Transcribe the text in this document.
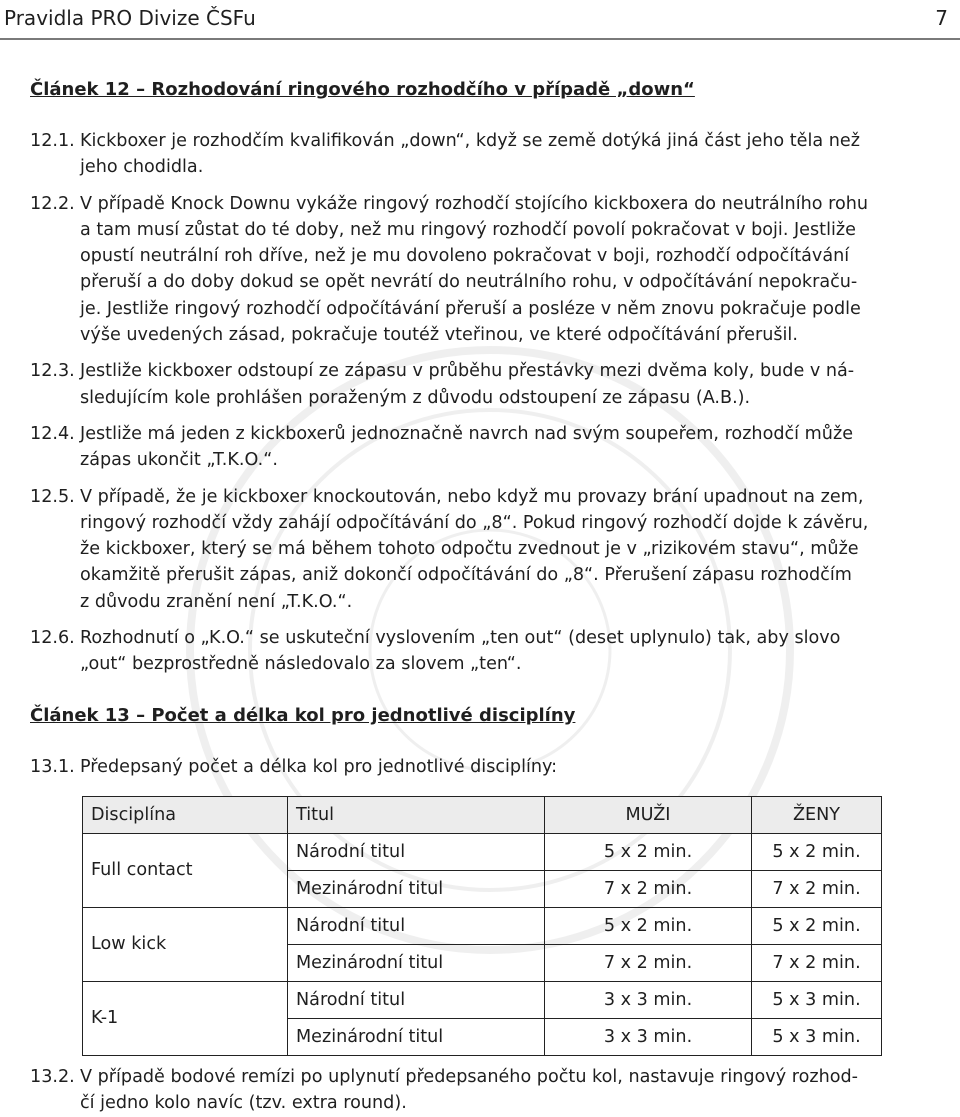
Pravidla PRO Divize ČSFu	7
Článek 12 – Rozhodování ringového rozhodčího v případě „down“
12.1. Kickboxer je rozhodčím kvalifikován „down“, když se země dotýká jiná část jeho těla než
jeho chodidla.
12.2. V případě Knock Downu vykáže ringový rozhodčí stojícího kickboxera do neutrálního rohu
a tam musí zůstat do té doby, než mu ringový rozhodčí povolí pokračovat v boji. Jestliže
opustí neutrální roh dříve, než je mu dovoleno pokračovat v boji, rozhodčí odpočítávání
přeruší a do doby dokud se opět nevrátí do neutrálního rohu, v odpočítávání nepokraču-
je. Jestliže ringový rozhodčí odpočítávání přeruší a posléze v něm znovu pokračuje podle
výše uvedených zásad, pokračuje toutéž vteřinou, ve které odpočítávání přerušil.
12.3. Jestliže kickboxer odstoupí ze zápasu v průběhu přestávky mezi dvěma koly, bude v ná-
sledujícím kole prohlášen poraženým z důvodu odstoupení ze zápasu (A.B.).
12.4. Jestliže má jeden z kickboxerů jednoznačně navrch nad svým soupeřem, rozhodčí může
zápas ukončit „T.K.O.“.
12.5. V případě, že je kickboxer knockoutován, nebo když mu provazy brání upadnout na zem,
ringový rozhodčí vždy zahájí odpočítávání do „8“. Pokud ringový rozhodčí dojde k závěru,
že kickboxer, který se má během tohoto odpočtu zvednout je v „rizikovém stavu“, může
okamžitě přerušit zápas, aniž dokončí odpočítávání do „8“. Přerušení zápasu rozhodčím
z důvodu zranění není „T.K.O.“.
12.6. Rozhodnutí o „K.O.“ se uskuteční vyslovením „ten out“ (deset uplynulo) tak, aby slovo
„out“ bezprostředně následovalo za slovem „ten“.
Článek 13 – Počet a délka kol pro jednotlivé disciplíny
13.1. Předepsaný počet a délka kol pro jednotlivé disciplíny:
Disciplína	Titul	MUŽI	ŽENY
Full contact	Národní titul	5 x 2 min.	5 x 2 min.
	Mezinárodní titul	7 x 2 min.	7 x 2 min.
Low kick	Národní titul	5 x 2 min.	5 x 2 min.
	Mezinárodní titul	7 x 2 min.	7 x 2 min.
K-1	Národní titul	3 x 3 min.	5 x 3 min.
	Mezinárodní titul	3 x 3 min.	5 x 3 min.
13.2. V případě bodové remízi po uplynutí předepsaného počtu kol, nastavuje ringový rozhod-
čí jedno kolo navíc (tzv. extra round).
